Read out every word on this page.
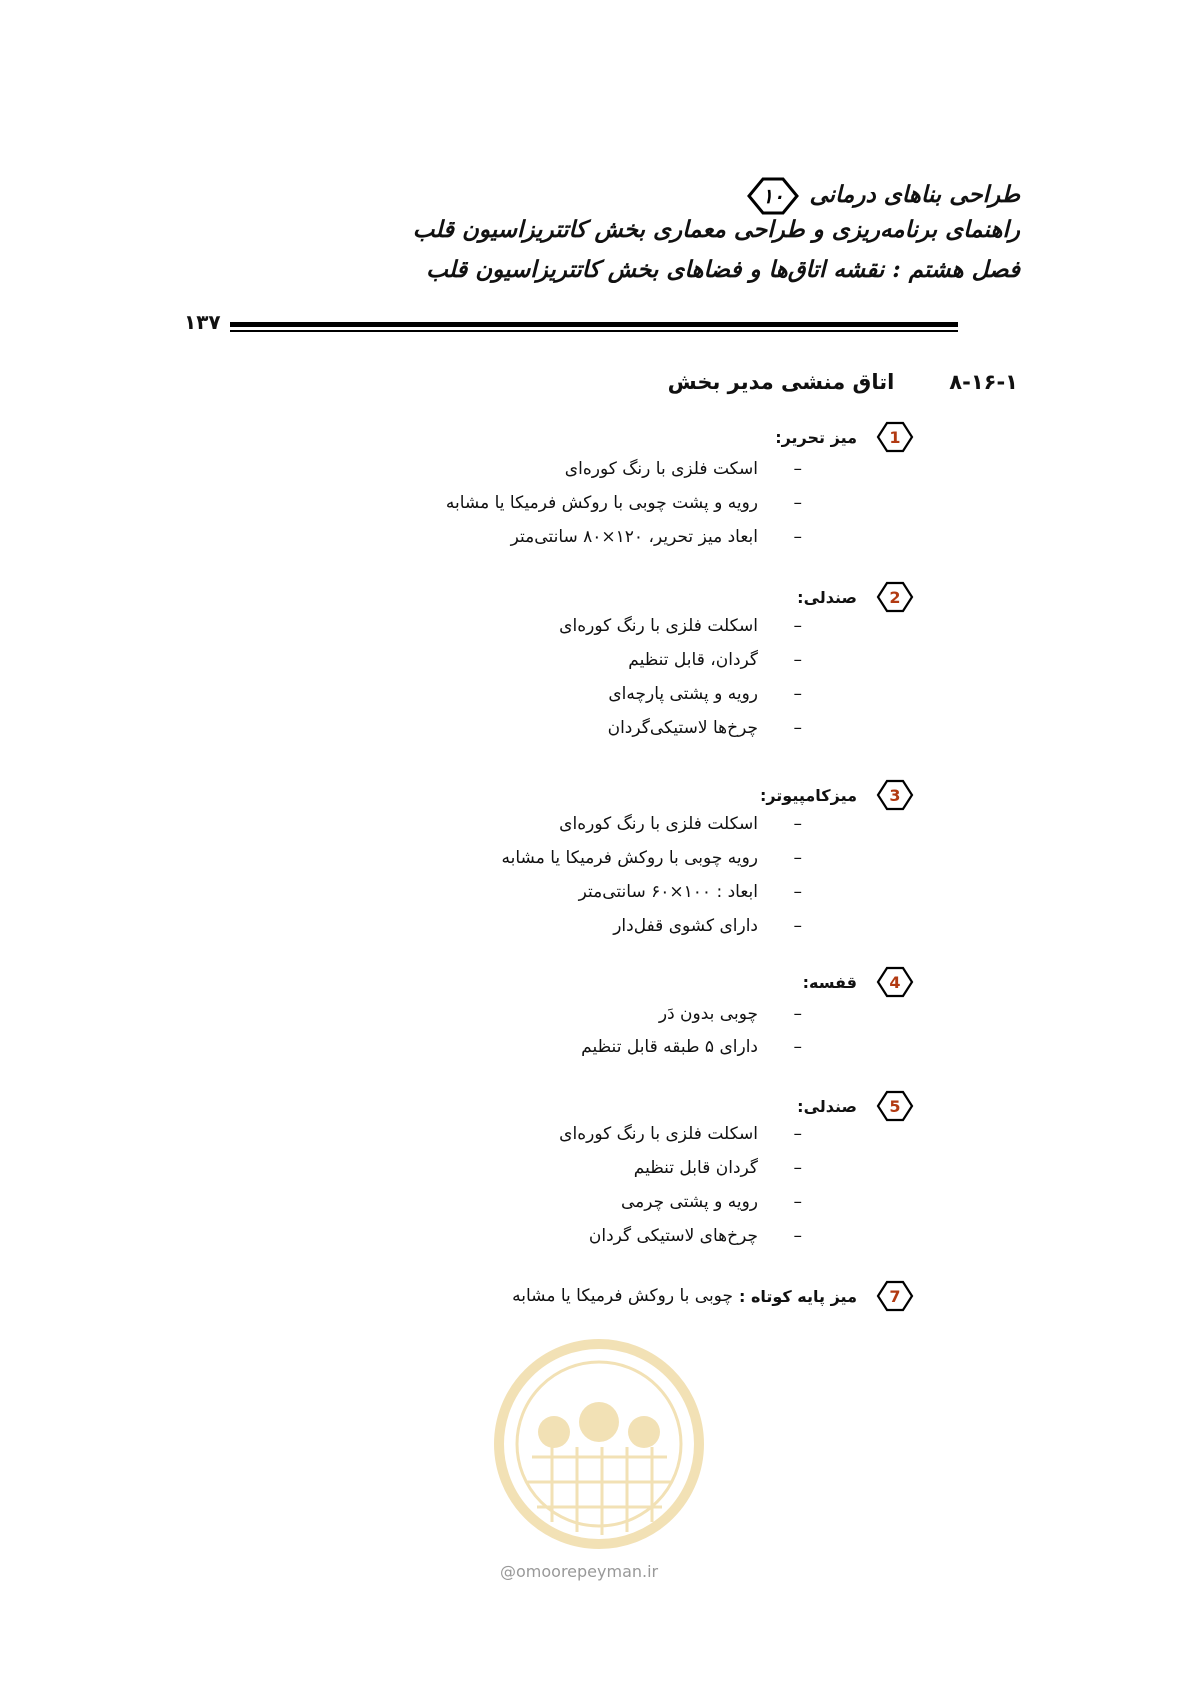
طراحی بناهای درمانی
۱۰
راهنمای برنامه‌ریزی و طراحی معماری بخش کاتتریزاسیون قلب
فصل هشتم : نقشه اتاق‌ها و فضاهای بخش کاتتریزاسیون قلب
۱۳۷
۸-۱۶-۱اتاق منشی مدیر بخش
1
میز تحریر:
–اسکت فلزی با رنگ کوره‌ای
–رویه و پشت چوبی با روکش فرمیکا یا مشابه
–ابعاد میز تحریر، ۱۲۰×۸۰ سانتی‌متر
2
صندلی:
–اسکلت فلزی با رنگ کوره‌ای
–گردان، قابل تنظیم
–رویه و پشتی پارچه‌ای
–چرخ‌ها لاستیکی‌گردان
3
میزکامپیوتر:
–اسکلت فلزی با رنگ کوره‌ای
–رویه چوبی با روکش فرمیکا یا مشابه
–ابعاد : ۱۰۰×۶۰ سانتی‌متر
–دارای کشوی قفل‌دار
4
قفسه:
–چوبی بدون دَر
–دارای ۵ طبقه قابل تنظیم
5
صندلی:
–اسکلت فلزی با رنگ کوره‌ای
–گردان قابل تنظیم
–رویه و پشتی چرمی
–چرخ‌های لاستیکی گردان
7
میز پایه کوتاه :
چوبی با روکش فرمیکا یا مشابه
@omoorepeyman.ir
